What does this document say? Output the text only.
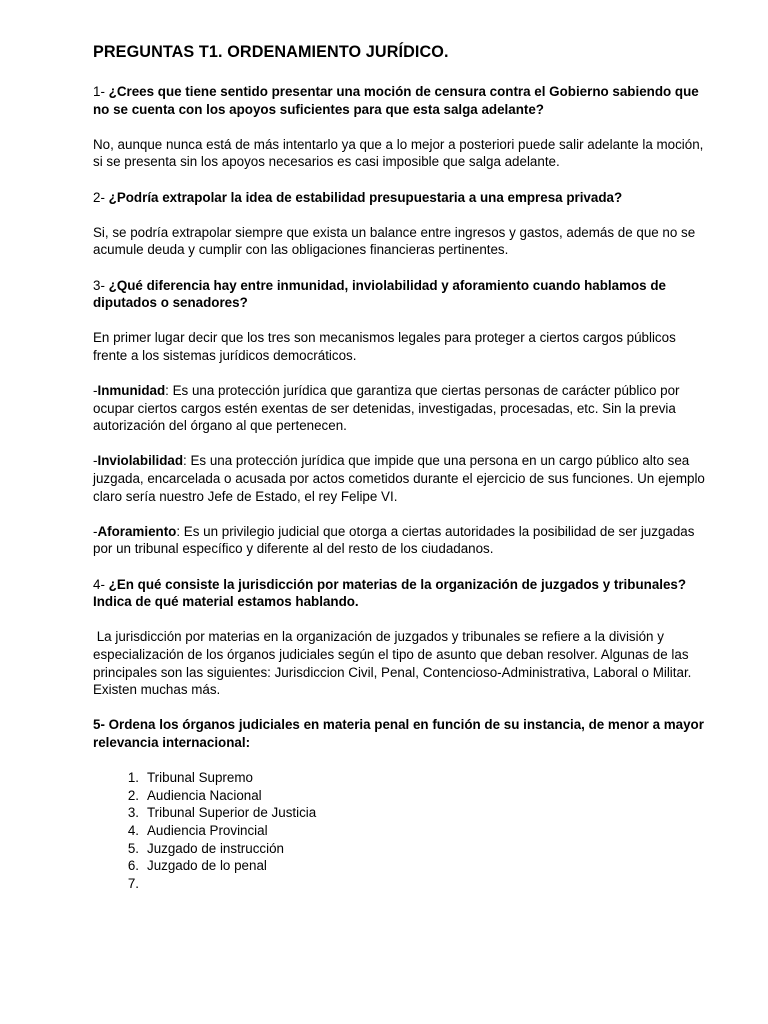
PREGUNTAS T1. ORDENAMIENTO JURÍDICO.

1- ¿Crees que tiene sentido presentar una moción de censura contra el Gobierno sabiendo que no se cuenta con los apoyos suficientes para que esta salga adelante?

No, aunque nunca está de más intentarlo ya que a lo mejor a posteriori puede salir adelante la moción, si se presenta sin los apoyos necesarios es casi imposible que salga adelante.

2- ¿Podría extrapolar la idea de estabilidad presupuestaria a una empresa privada?

Si, se podría extrapolar siempre que exista un balance entre ingresos y gastos, además de que no se acumule deuda y cumplir con las obligaciones financieras pertinentes.

3- ¿Qué diferencia hay entre inmunidad, inviolabilidad y aforamiento cuando hablamos de diputados o senadores?

En primer lugar decir que los tres son mecanismos legales para proteger a ciertos cargos públicos frente a los sistemas jurídicos democráticos.

-Inmunidad: Es una protección jurídica que garantiza que ciertas personas de carácter público por ocupar ciertos cargos estén exentas de ser detenidas, investigadas, procesadas, etc. Sin la previa autorización del órgano al que pertenecen.

-Inviolabilidad: Es una protección jurídica que impide que una persona en un cargo público alto sea juzgada, encarcelada o acusada por actos cometidos durante el ejercicio de sus funciones. Un ejemplo claro sería nuestro Jefe de Estado, el rey Felipe VI.

-Aforamiento: Es un privilegio judicial que otorga a ciertas autoridades la posibilidad de ser juzgadas por un tribunal específico y diferente al del resto de los ciudadanos.

4- ¿En qué consiste la jurisdicción por materias de la organización de juzgados y tribunales? Indica de qué material estamos hablando.

La jurisdicción por materias en la organización de juzgados y tribunales se refiere a la división y especialización de los órganos judiciales según el tipo de asunto que deban resolver. Algunas de las principales son las siguientes: Jurisdiccion Civil, Penal, Contencioso-Administrativa, Laboral o Militar. Existen muchas más.

5- Ordena los órganos judiciales en materia penal en función de su instancia, de menor a mayor relevancia internacional:

1. Tribunal Supremo
2. Audiencia Nacional
3. Tribunal Superior de Justicia
4. Audiencia Provincial
5. Juzgado de instrucción
6. Juzgado de lo penal
7.
